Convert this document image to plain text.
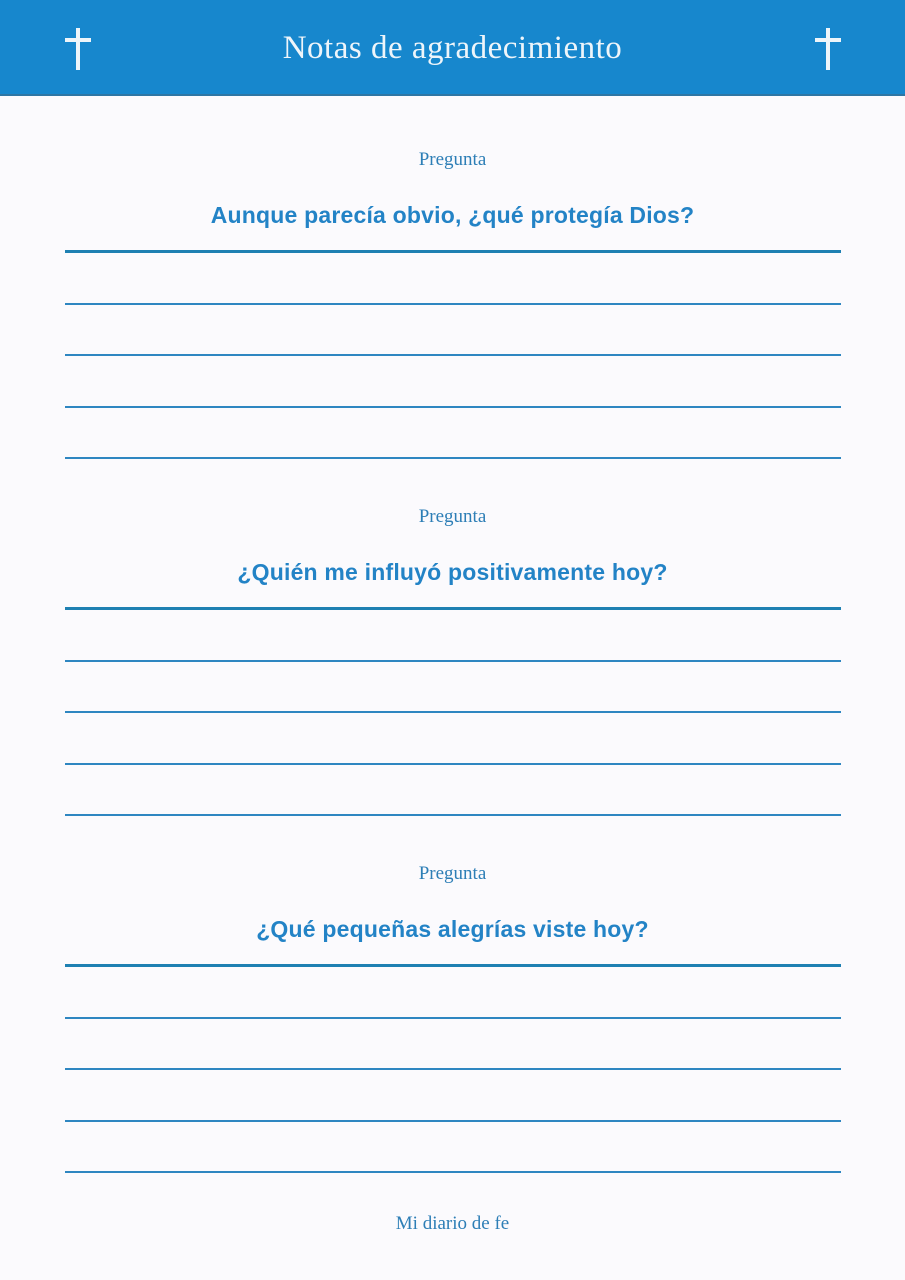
Notas de agradecimiento
Pregunta
Aunque parecía obvio, ¿qué protegía Dios?
Pregunta
¿Quién me influyó positivamente hoy?
Pregunta
¿Qué pequeñas alegrías viste hoy?
Mi diario de fe
